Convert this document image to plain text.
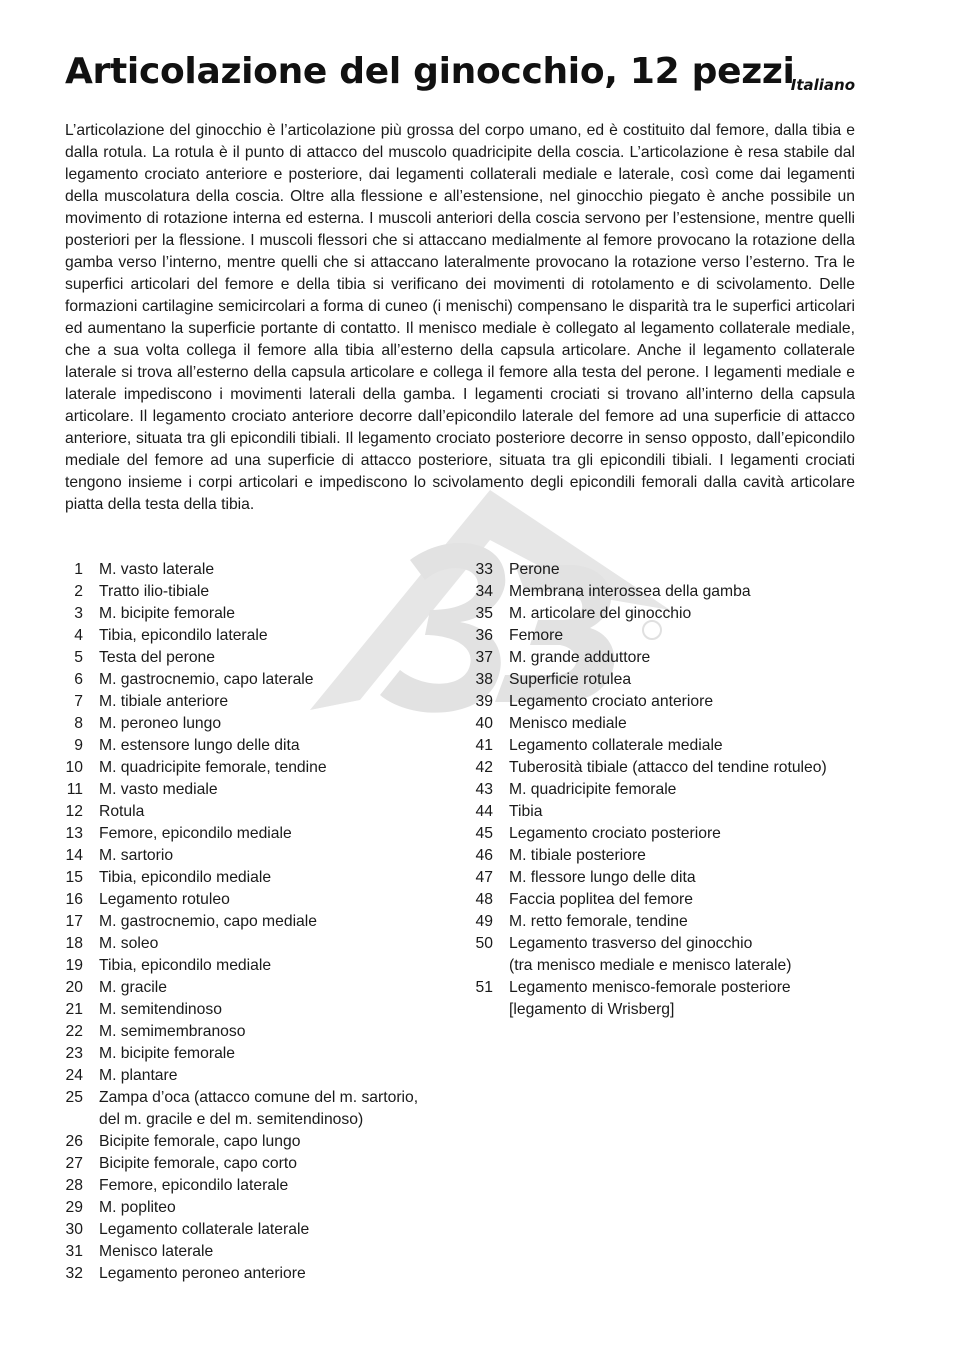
Articolazione del ginocchio, 12 pezzi
Italiano

L’articolazione del ginocchio è l’articolazione più grossa del corpo umano, ed è costituito dal femore, dalla tibia e dalla rotula. La rotula è il punto di attacco del muscolo quadricipite della coscia. L’articolazione è resa stabile dal legamento crociato anteriore e posteriore, dai legamenti collaterali mediale e laterale, così come dai legamenti della muscolatura della coscia. Oltre alla flessione e all’estensione, nel ginocchio piegato è anche possibile un movimento di rotazione interna ed esterna. I muscoli anteriori della coscia servono per l’estensione, mentre quelli posteriori per la flessione. I muscoli flessori che si attaccano medialmente al femore provocano la rotazione della gamba verso l’interno, mentre quelli che si attaccano lateralmente provocano la rotazione verso l’esterno. Tra le superfici articolari del femore e della tibia si verificano dei movimenti di rotolamento e di scivolamento. Delle formazioni cartilagine semicircolari a forma di cuneo (i menischi) compensano le disparità tra le superfici articolari ed aumentano la superficie portante di contatto. Il menisco mediale è collegato al legamento collaterale mediale, che a sua volta collega il femore alla tibia all’esterno della capsula articolare. Anche il legamento collaterale laterale si trova all’esterno della capsula articolare e collega il femore alla testa del perone. I legamenti mediale e laterale impediscono i movimenti laterali della gamba. I legamenti crociati si trovano all’interno della capsula articolare. Il legamento crociato anteriore decorre dall’epicondilo laterale del femore ad una superficie di attacco anteriore, situata tra gli epicondili tibiali. Il legamento crociato posteriore decorre in senso opposto, dall’epicondilo mediale del femore ad una superficie di attacco posteriore, situata tra gli epicondili tibiali. I legamenti crociati tengono insieme i corpi articolari e impediscono lo scivolamento degli epicondili femorali dalla cavità articolare piatta della testa della tibia.

1 M. vasto laterale
2 Tratto ilio-tibiale
3 M. bicipite femorale
4 Tibia, epicondilo laterale
5 Testa del perone
6 M. gastrocnemio, capo laterale
7 M. tibiale anteriore
8 M. peroneo lungo
9 M. estensore lungo delle dita
10 M. quadricipite femorale, tendine
11 M. vasto mediale
12 Rotula
13 Femore, epicondilo mediale
14 M. sartorio
15 Tibia, epicondilo mediale
16 Legamento rotuleo
17 M. gastrocnemio, capo mediale
18 M. soleo
19 Tibia, epicondilo mediale
20 M. gracile
21 M. semitendinoso
22 M. semimembranoso
23 M. bicipite femorale
24 M. plantare
25 Zampa d’oca (attacco comune del m. sartorio,
del m. gracile e del m. semitendinoso)
26 Bicipite femorale, capo lungo
27 Bicipite femorale, capo corto
28 Femore, epicondilo laterale
29 M. popliteo
30 Legamento collaterale laterale
31 Menisco laterale
32 Legamento peroneo anteriore
33 Perone
34 Membrana interossea della gamba
35 M. articolare del ginocchio
36 Femore
37 M. grande adduttore
38 Superficie rotulea
39 Legamento crociato anteriore
40 Menisco mediale
41 Legamento collaterale mediale
42 Tuberosità tibiale (attacco del tendine rotuleo)
43 M. quadricipite femorale
44 Tibia
45 Legamento crociato posteriore
46 M. tibiale posteriore
47 M. flessore lungo delle dita
48 Faccia poplitea del femore
49 M. retto femorale, tendine
50 Legamento trasverso del ginocchio
(tra menisco mediale e menisco laterale)
51 Legamento menisco-femorale posteriore
[legamento di Wrisberg]
